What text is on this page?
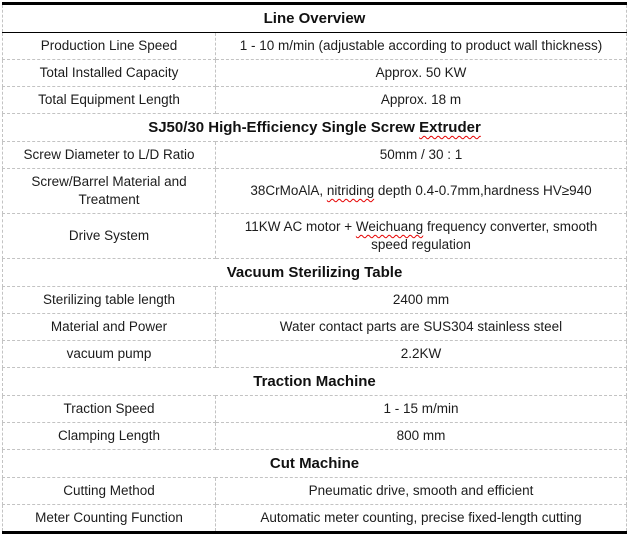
Line Overview	
Production Line Speed	1 - 10 m/min (adjustable according to product wall thickness)
Total Installed Capacity	Approx. 50 KW
Total Equipment Length	Approx. 18 m
SJ50/30 High-Efficiency Single Screw Extruder	
Screw Diameter to L/D Ratio	50mm / 30 : 1
Screw/Barrel Material and Treatment	38CrMoAlA, nitriding depth 0.4-0.7mm,hardness HV≥940
Drive System	11KW AC motor + Weichuang frequency converter, smooth
speed regulation
Vacuum Sterilizing Table	
Sterilizing table length	2400 mm
Material and Power	Water contact parts are SUS304 stainless steel
vacuum pump	2.2KW
Traction Machine	
Traction Speed	1 - 15 m/min
Clamping Length	800 mm
Cut Machine	
Cutting Method	Pneumatic drive, smooth and efficient
Meter Counting Function	Automatic meter counting, precise fixed-length cutting
